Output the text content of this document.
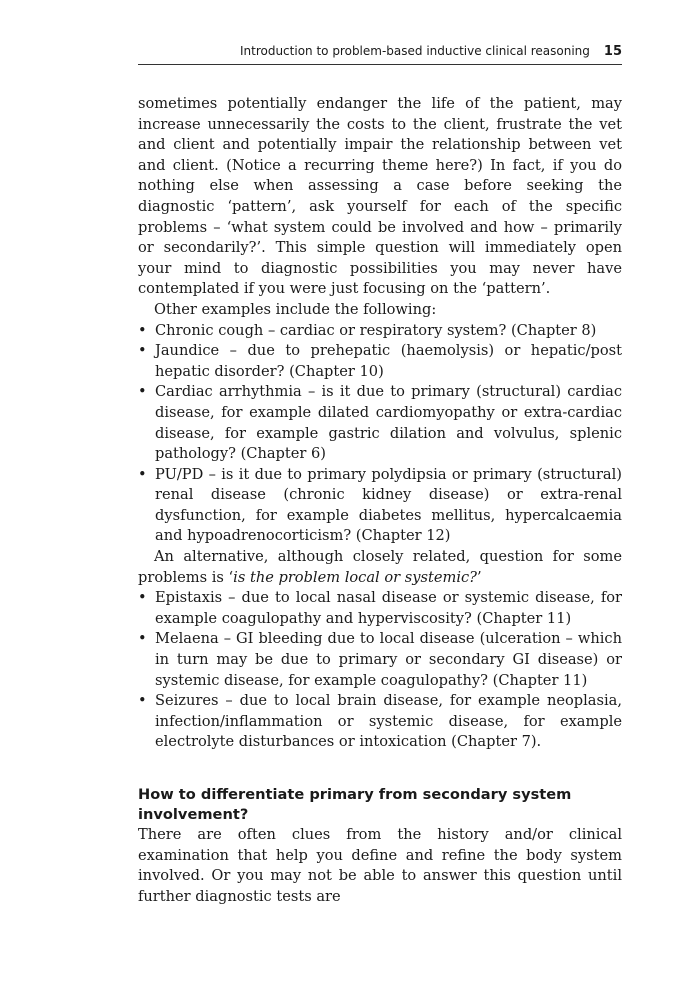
Introduction to problem-based inductive clinical reasoning 15

sometimes potentially endanger the life of the patient, may increase unnecessarily the costs to the client, frustrate the vet and client and potentially impair the relationship between vet and client. (Notice a recurring theme here?) In fact, if you do nothing else when assessing a case before seeking the diagnostic ‘pattern’, ask yourself for each of the specific problems – ‘what system could be involved and how – primarily or secondarily?’. This simple question will immediately open your mind to diagnostic possibilities you may never have contemplated if you were just focusing on the ‘pattern’.

Other examples include the following:

• Chronic cough – cardiac or respiratory system? (Chapter 8)
• Jaundice – due to prehepatic (haemolysis) or hepatic/post hepatic disorder? (Chapter 10)
• Cardiac arrhythmia – is it due to primary (structural) cardiac disease, for example dilated cardiomyopathy or extra-cardiac disease, for example gastric dilation and volvulus, splenic pathology? (Chapter 6)
• PU/PD – is it due to primary polydipsia or primary (structural) renal disease (chronic kidney disease) or extra-renal dysfunction, for example diabetes mellitus, hypercalcaemia and hypoadrenocorticism? (Chapter 12)

An alternative, although closely related, question for some problems is ‘is the problem local or systemic?’

• Epistaxis – due to local nasal disease or systemic disease, for example coagulopathy and hyperviscosity? (Chapter 11)
• Melaena – GI bleeding due to local disease (ulceration – which in turn may be due to primary or secondary GI disease) or systemic disease, for example coagulopathy? (Chapter 11)
• Seizures – due to local brain disease, for example neoplasia, infection/inflammation or systemic disease, for example electrolyte disturbances or intoxication (Chapter 7).
How to differentiate primary from secondary system involvement?

There are often clues from the history and/or clinical examination that help you define and refine the body system involved. Or you may not be able to answer this question until further diagnostic tests are
